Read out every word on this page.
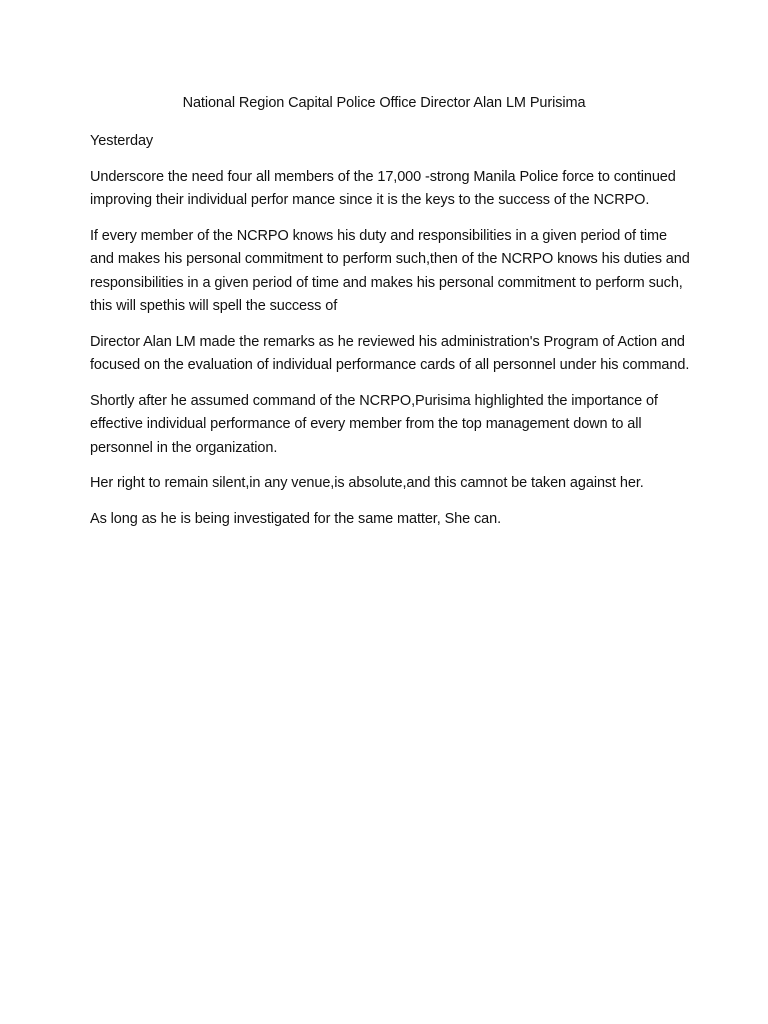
National Region Capital Police Office Director Alan LM Purisima

Yesterday

Underscore the need four all members of the 17,000 -strong Manila Police force to continued improving their individual perfor mance since it is the keys to the success of the NCRPO.

If every member of the NCRPO knows his duty and responsibilities in a given period of time and makes his personal commitment to perform such,then of the NCRPO knows his duties and responsibilities in a given period of time and makes his personal commitment to perform such, this will spethis will spell the success of

Director Alan LM made the remarks as he reviewed his administration's Program of Action and focused on the evaluation of individual performance cards of all personnel under his command.

Shortly after he assumed command of the NCRPO,Purisima highlighted the importance of effective individual performance of every member from the top management down to all personnel in the organization.

Her right to remain silent,in any venue,is absolute,and this camnot be taken against her.

As long as he is being investigated for the same matter, She can.
